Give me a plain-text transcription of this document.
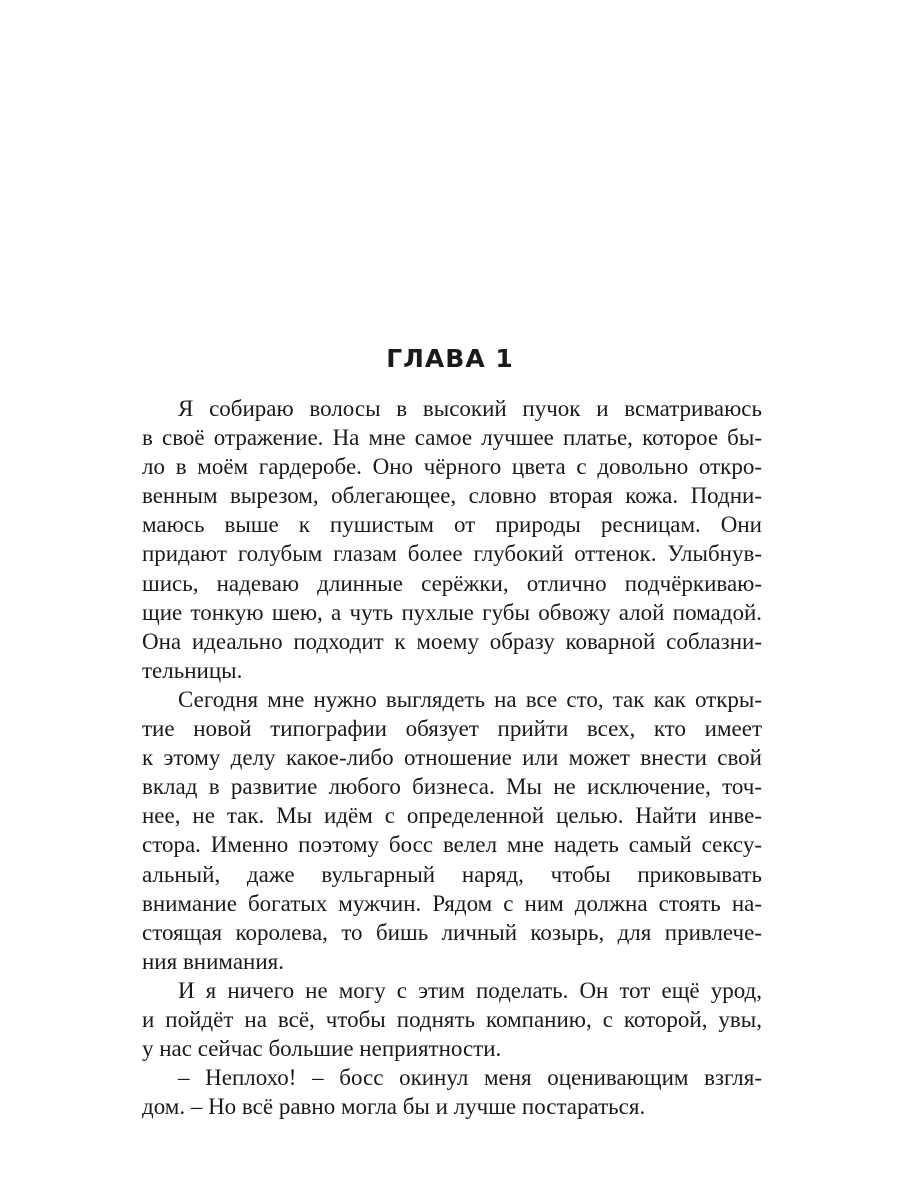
ГЛАВА 1
Я собираю волосы в высокий пучок и всматриваюсь
в своё отражение. На мне самое лучшее платье, которое бы-
ло в моём гардеробе. Оно чёрного цвета с довольно откро-
венным вырезом, облегающее, словно вторая кожа. Подни-
маюсь выше к пушистым от природы ресницам. Они
придают голубым глазам более глубокий оттенок. Улыбнув-
шись, надеваю длинные серёжки, отлично подчёркиваю-
щие тонкую шею, а чуть пухлые губы обвожу алой помадой.
Она идеально подходит к моему образу коварной соблазни-
тельницы.
Сегодня мне нужно выглядеть на все сто, так как откры-
тие новой типографии обязует прийти всех, кто имеет
к этому делу какое-либо отношение или может внести свой
вклад в развитие любого бизнеса. Мы не исключение, точ-
нее, не так. Мы идём с определенной целью. Найти инве-
стора. Именно поэтому босс велел мне надеть самый сексу-
альный, даже вульгарный наряд, чтобы приковывать
внимание богатых мужчин. Рядом с ним должна стоять на-
стоящая королева, то бишь личный козырь, для привлече-
ния внимания.
И я ничего не могу с этим поделать. Он тот ещё урод,
и пойдёт на всё, чтобы поднять компанию, с которой, увы,
у нас сейчас большие неприятности.
– Неплохо! – босс окинул меня оценивающим взгля-
дом. – Но всё равно могла бы и лучше постараться.
